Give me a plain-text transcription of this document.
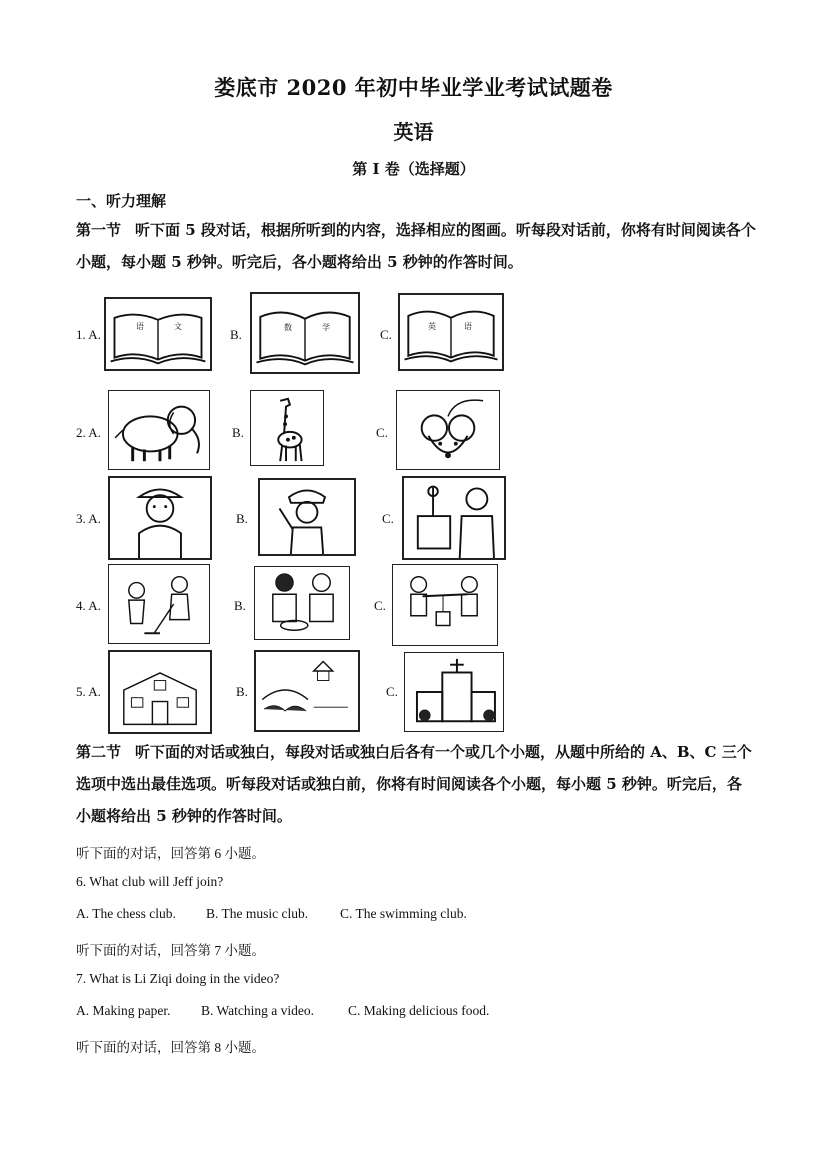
娄底市 2020 年初中毕业学业考试试题卷
英语
第 I 卷（选择题）
一、听力理解
第一节 听下面 5 段对话，根据所听到的内容，选择相应的图画。听每段对话前，你将有时间阅读各个小题，每小题 5 秒钟。听完后，各小题将给出 5 秒钟的作答时间。
1. A.
语	文
B.	数	学	C.
英	语
2. A.	B.	C.
3. A.	B.	C.
4. A.	B.	C.
5. A.	B.	C.
第二节 听下面的对话或独白，每段对话或独白后各有一个或几个小题，从题中所给的 A、B、C 三个选项中选出最佳选项。听每段对话或独白前，你将有时间阅读各个小题，每小题 5 秒钟。听完后，各小题将给出 5 秒钟的作答时间。
听下面的对话，回答第 6 小题。
6. What club will Jeff join?
A. The chess club. B. The music club. C. The swimming club.
听下面的对话，回答第 7 小题。
7. What is Li Ziqi doing in the video?
A. Making paper. B. Watching a video.	C. Making delicious food.
听下面的对话，回答第 8 小题。
